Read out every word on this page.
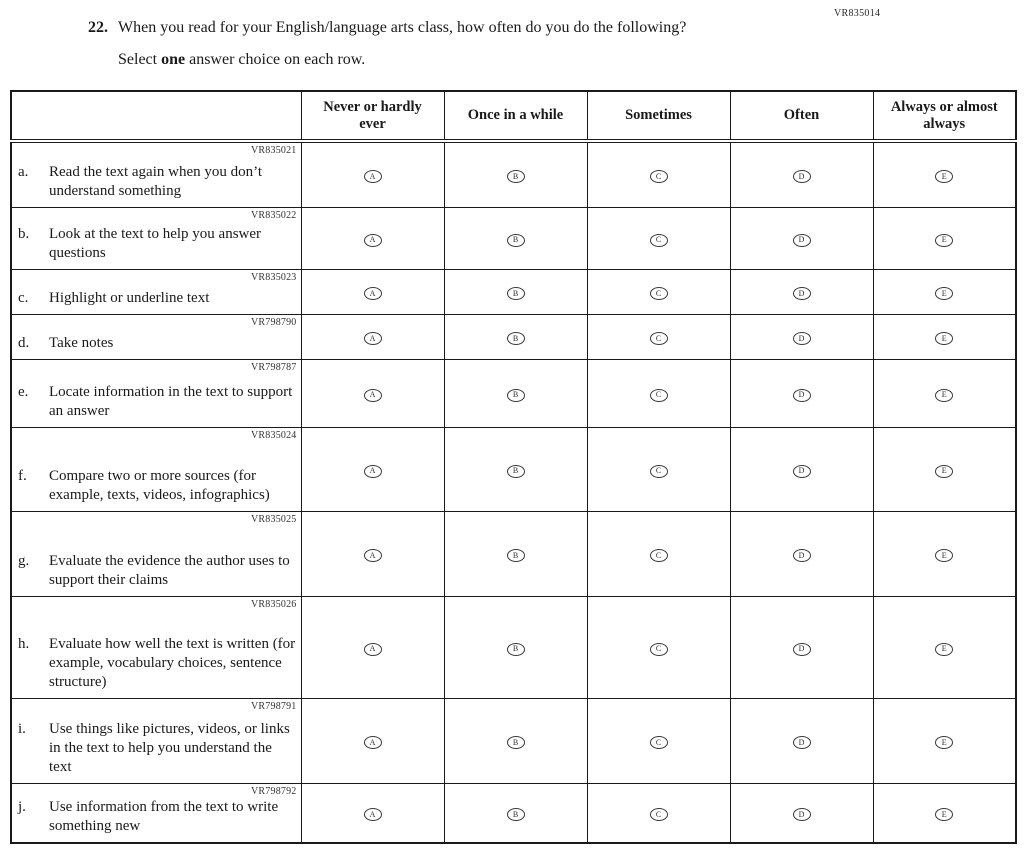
VR835014
22. When you read for your English/language arts class, how often do you do the following?
Select one answer choice on each row.
	Never or hardly ever	Once in a while	Sometimes	Often	Always or almost always

VR835021

a. Read the text again when you don’t understand something	A	B	C	D	E

VR835022

b. Look at the text to help you answer questions	A	B	C	D	E

VR835023

c. Highlight or underline text	A	B	C	D	E

VR798790

d. Take notes	A	B	C	D	E

VR798787

e. Locate information in the text to support an answer	A	B	C	D	E

VR835024

f. Compare two or more sources (for example, texts, videos, infographics)	A	B	C	D	E

VR835025

g. Evaluate the evidence the author uses to support their claims	A	B	C	D	E

VR835026

h. Evaluate how well the text is written (for example, vocabulary choices, sentence structure)	A	B	C	D	E

VR798791

i. Use things like pictures, videos, or links in the text to help you understand the text	A	B	C	D	E

VR798792

j. Use information from the text to write something new	A	B	C	D	E
